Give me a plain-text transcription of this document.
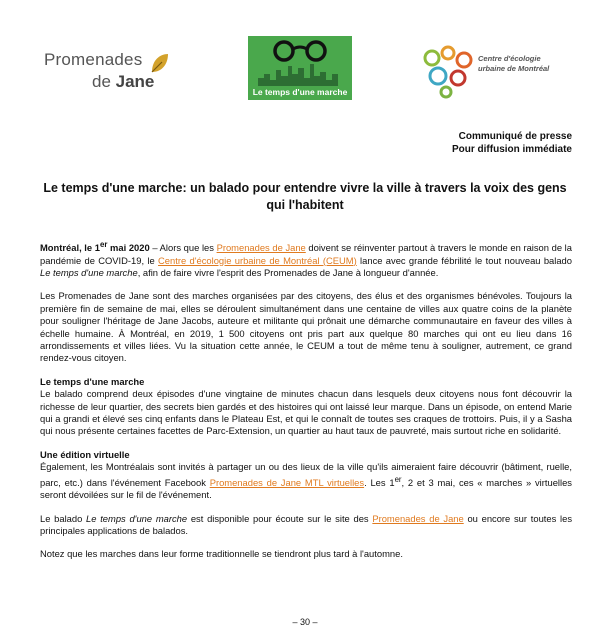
Promenades
de Jane
Le temps d'une marche
Centre d'écologie
urbaine de Montréal
Communiqué de presse
Pour diffusion immédiate
Le temps d'une marche: un balado pour entendre vivre la ville à travers la voix des gens qui l'habitent

Montréal, le 1er mai 2020 – Alors que les Promenades de Jane doivent se réinventer partout à travers le monde en raison de la pandémie de COVID-19, le Centre d'écologie urbaine de Montréal (CEUM) lance avec grande fébrilité le tout nouveau balado Le temps d'une marche, afin de faire vivre l'esprit des Promenades de Jane à longueur d'année.

Les Promenades de Jane sont des marches organisées par des citoyens, des élus et des organismes bénévoles. Toujours la première fin de semaine de mai, elles se déroulent simultanément dans une centaine de villes aux quatre coins de la planète pour souligner l'héritage de Jane Jacobs, auteure et militante qui prônait une démarche communautaire en faveur des villes à échelle humaine. À Montréal, en 2019, 1 500 citoyens ont pris part aux quelque 80 marches qui ont eu lieu dans 16 arrondissements et villes liées. Vu la situation cette année, le CEUM a tout de même tenu à souligner, autrement, ce grand rendez-vous citoyen.

Le temps d'une marche
Le balado comprend deux épisodes d'une vingtaine de minutes chacun dans lesquels deux citoyens nous font découvrir la richesse de leur quartier, des secrets bien gardés et des histoires qui ont laissé leur marque. Dans un épisode, on entend Marie qui a grandi et élevé ses cinq enfants dans le Plateau Est, et qui le connaît de toutes ses craques de trottoirs. Puis, il y a Sasha qui nous présente certaines facettes de Parc-Extension, un quartier au haut taux de pauvreté, mais surtout riche en solidarité.

Une édition virtuelle
Également, les Montréalais sont invités à partager un ou des lieux de la ville qu'ils aimeraient faire découvrir (bâtiment, ruelle, parc, etc.) dans l'événement Facebook Promenades de Jane MTL virtuelles. Les 1er, 2 et 3 mai, ces « marches » virtuelles seront dévoilées sur le fil de l'événement.

Le balado Le temps d'une marche est disponible pour écoute sur le site des Promenades de Jane ou encore sur toutes les principales applications de balados.

Notez que les marches dans leur forme traditionnelle se tiendront plus tard à l'automne.

– 30 –
